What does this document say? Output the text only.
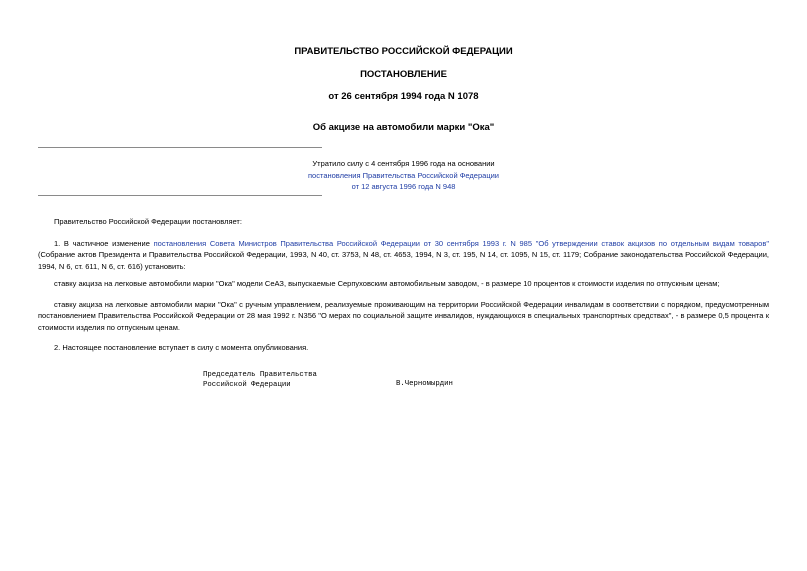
ПРАВИТЕЛЬСТВО РОССИЙСКОЙ ФЕДЕРАЦИИ
ПОСТАНОВЛЕНИЕ
от 26 сентября 1994 года N 1078
Об акцизе на автомобили марки "Ока"
Утратило силу с 4 сентября 1996 года на основании
постановления Правительства Российской Федерации
от 12 августа 1996 года N 948

Правительство Российской Федерации постановляет:

1. В частичное изменение постановления Совета Министров Правительства Российской Федерации от 30 сентября 1993 г. N 985 "Об утверждении ставок акцизов по отдельным видам товаров" (Собрание актов Президента и Правительства Российской Федерации, 1993, N 40, ст. 3753, N 48, ст. 4653, 1994, N 3, ст. 195, N 14, ст. 1095, N 15, ст. 1179; Собрание законодательства Российской Федерации, 1994, N 6, ст. 611, N 6, ст. 616) установить:

ставку акциза на легковые автомобили марки "Ока" модели СеАЗ, выпускаемые Серпуховским автомобильным заводом, - в размере 10 процентов к стоимости изделия по отпускным ценам;

ставку акциза на легковые автомобили марки "Ока" с ручным управлением, реализуемые проживающим на территории Российской Федерации инвалидам в соответствии с порядком, предусмотренным постановлением Правительства Российской Федерации от 28 мая 1992 г. N356 "О мерах по социальной защите инвалидов, нуждающихся в специальных транспортных средствах", - в размере 0,5 процента к стоимости изделия по отпускным ценам.

2. Настоящее постановление вступает в силу с момента опубликования.

Председатель Правительства
Российской Федерации	В.Черномырдин
